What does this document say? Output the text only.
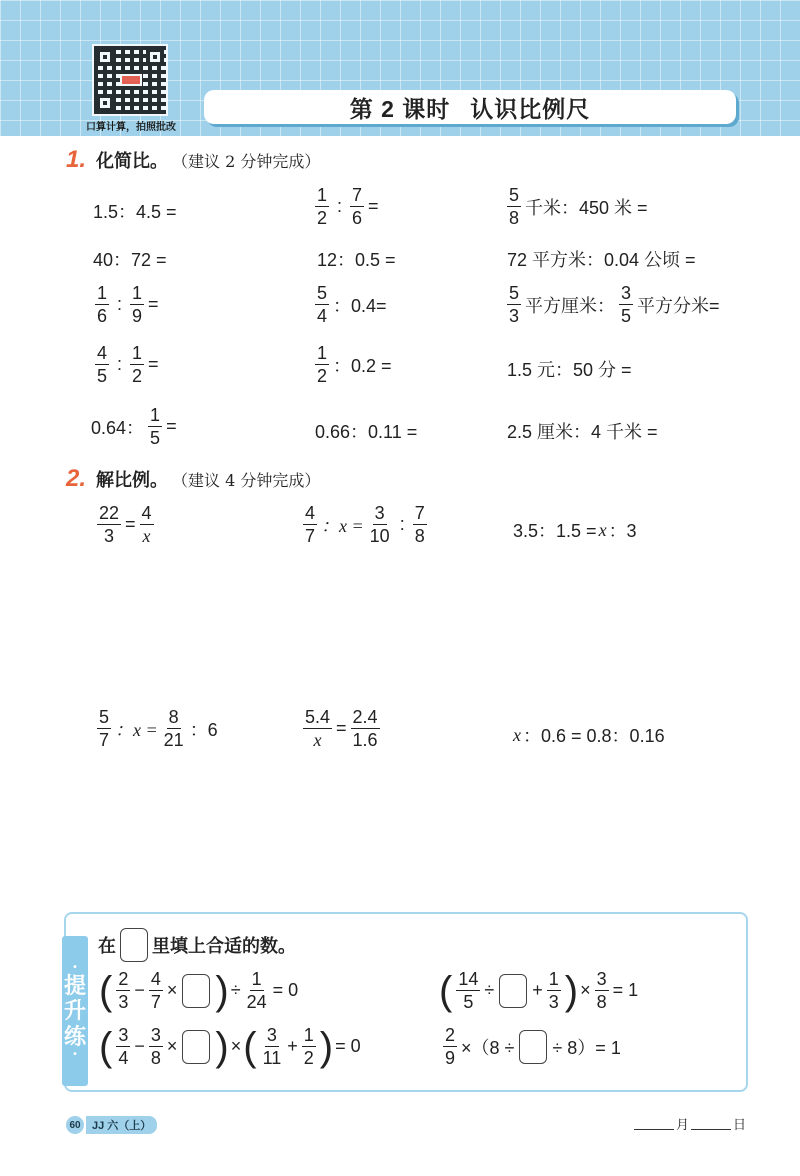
口算计算，拍照批改
第 2 课时 认识比例尺
1. 化简比。 （建议 2 分钟完成）
1.5：4.5 =	$\frac{1}{2}$ : $\frac{7}{6}$ =	$\frac{5}{8}$ 千米：450 米 =
40：72 =	12：0.5 =	72 平方米：0.04 公顷 =
$\frac{1}{6}$ : $\frac{1}{9}$ =	$\frac{5}{4}$ ：0.4=	$\frac{5}{3}$ 平方厘米： $\frac{3}{5}$ 平方分米=
$\frac{4}{5}$ : $\frac{1}{2}$ =	$\frac{1}{2}$ ：0.2 =	1.5 元：50 分 =
0.64： $\frac{1}{5}$ =	0.66：0.11 =	2.5 厘米：4 千米 =
2. 解比例。 （建议 4 分钟完成）
$\frac{22}{3} = \frac{4}{x}$	$\frac{4}{7}$ ：$x = \frac{3}{10}$ : $\frac{7}{8}$	3.5：1.5 = x ：3
$\frac{5}{7}$ ：$x = \frac{8}{21}$ ：6	$\frac{5.4}{x} = \frac{2.4}{1.6}$	x ：0.6 = 0.8：0.16
•
提
升
练
•
在 里填上合适的数。
( $\frac{2}{3} - \frac{4}{7}$ × ) ÷ $\frac{1}{24} = 0$	( $\frac{14}{5}$ ÷ + $\frac{1}{3}$ ) × $\frac{3}{8} = 1$
( $\frac{3}{4} - \frac{3}{8}$ × ) × ( $\frac{3}{11} + \frac{1}{2}$ ) = 0	$\frac{2}{9} \times(8$ ÷ ÷ 8）= 1
60	JJ 六（上）	月	日
